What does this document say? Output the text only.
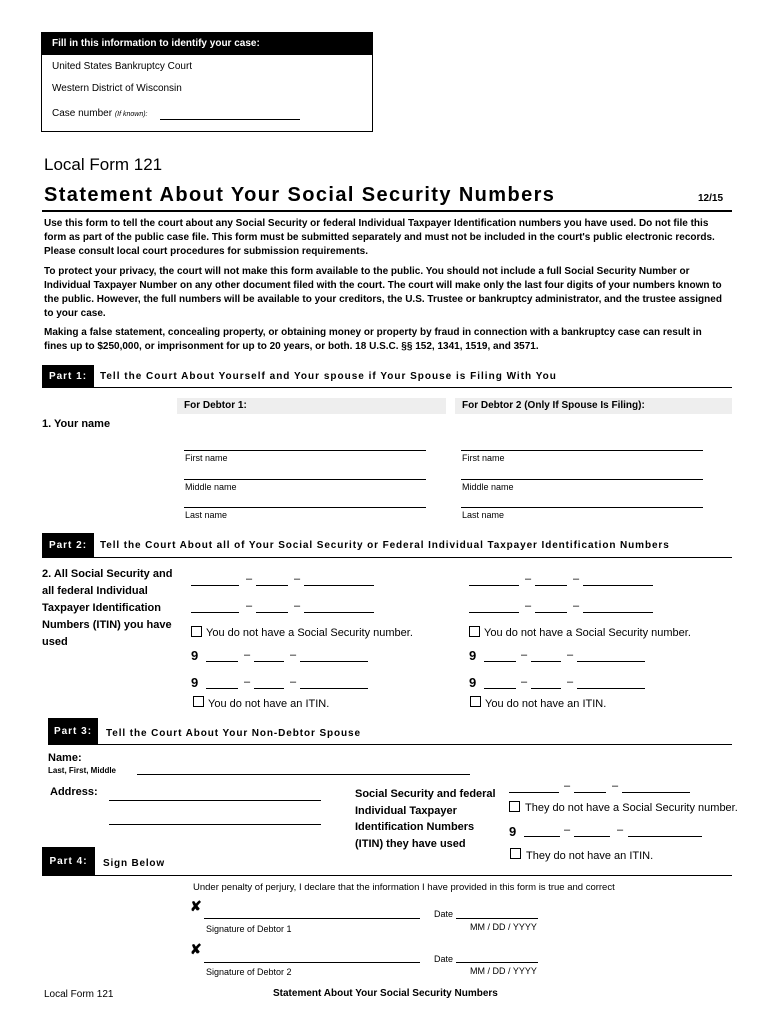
Fill in this information to identify your case:
United States Bankruptcy Court
Western District of Wisconsin
Case number (If known):
Local Form 121
Statement About Your Social Security Numbers	12/15
Use this form to tell the court about any Social Security or federal Individual Taxpayer Identification numbers you have used. Do not file this form as part of the public case file. This form must be submitted separately and must not be included in the court's public electronic records. Please consult local court procedures for submission requirements.
To protect your privacy, the court will not make this form available to the public. You should not include a full Social Security Number or Individual Taxpayer Number on any other document filed with the court. The court will make only the last four digits of your numbers known to the public. However, the full numbers will be available to your creditors, the U.S. Trustee or bankruptcy administrator, and the trustee assigned to your case.
Making a false statement, concealing property, or obtaining money or property by fraud in connection with a bankruptcy case can result in fines up to $250,000, or imprisonment for up to 20 years, or both. 18 U.S.C. §§ 152, 1341, 1519, and 3571.
Part 1:	Tell the Court About Yourself and Your spouse if Your Spouse is Filing With You
For Debtor 1:	For Debtor 2 (Only If Spouse Is Filing):
1. Your name
First name
Middle name
Last name
First name
Middle name
Last name
Part 2:	Tell the Court About all of Your Social Security or Federal Individual Taxpayer Identification Numbers
2. All Social Security and all federal Individual Taxpayer Identification Numbers (ITIN) you have used
–	–
–	–
You do not have a Social Security number.
9	–	–
9	–	–
You do not have an ITIN.
–	–
–	–
You do not have a Social Security number.
9	–	–
9	–	–
You do not have an ITIN.
Part 3:	Tell the Court About Your Non-Debtor Spouse
Name:
Last, First, Middle
Address:	Social Security and federal Individual Taxpayer Identification Numbers (ITIN) they have used
–	–
They do not have a Social Security number.
9	–	–
They do not have an ITIN.
Part 4:	Sign Below
Under penalty of perjury, I declare that the information I have provided in this form is true and correct
✘
Signature of Debtor 1
Date
MM / DD / YYYY
✘
Signature of Debtor 2
Date
MM / DD / YYYY
Local Form 121	Statement About Your Social Security Numbers
